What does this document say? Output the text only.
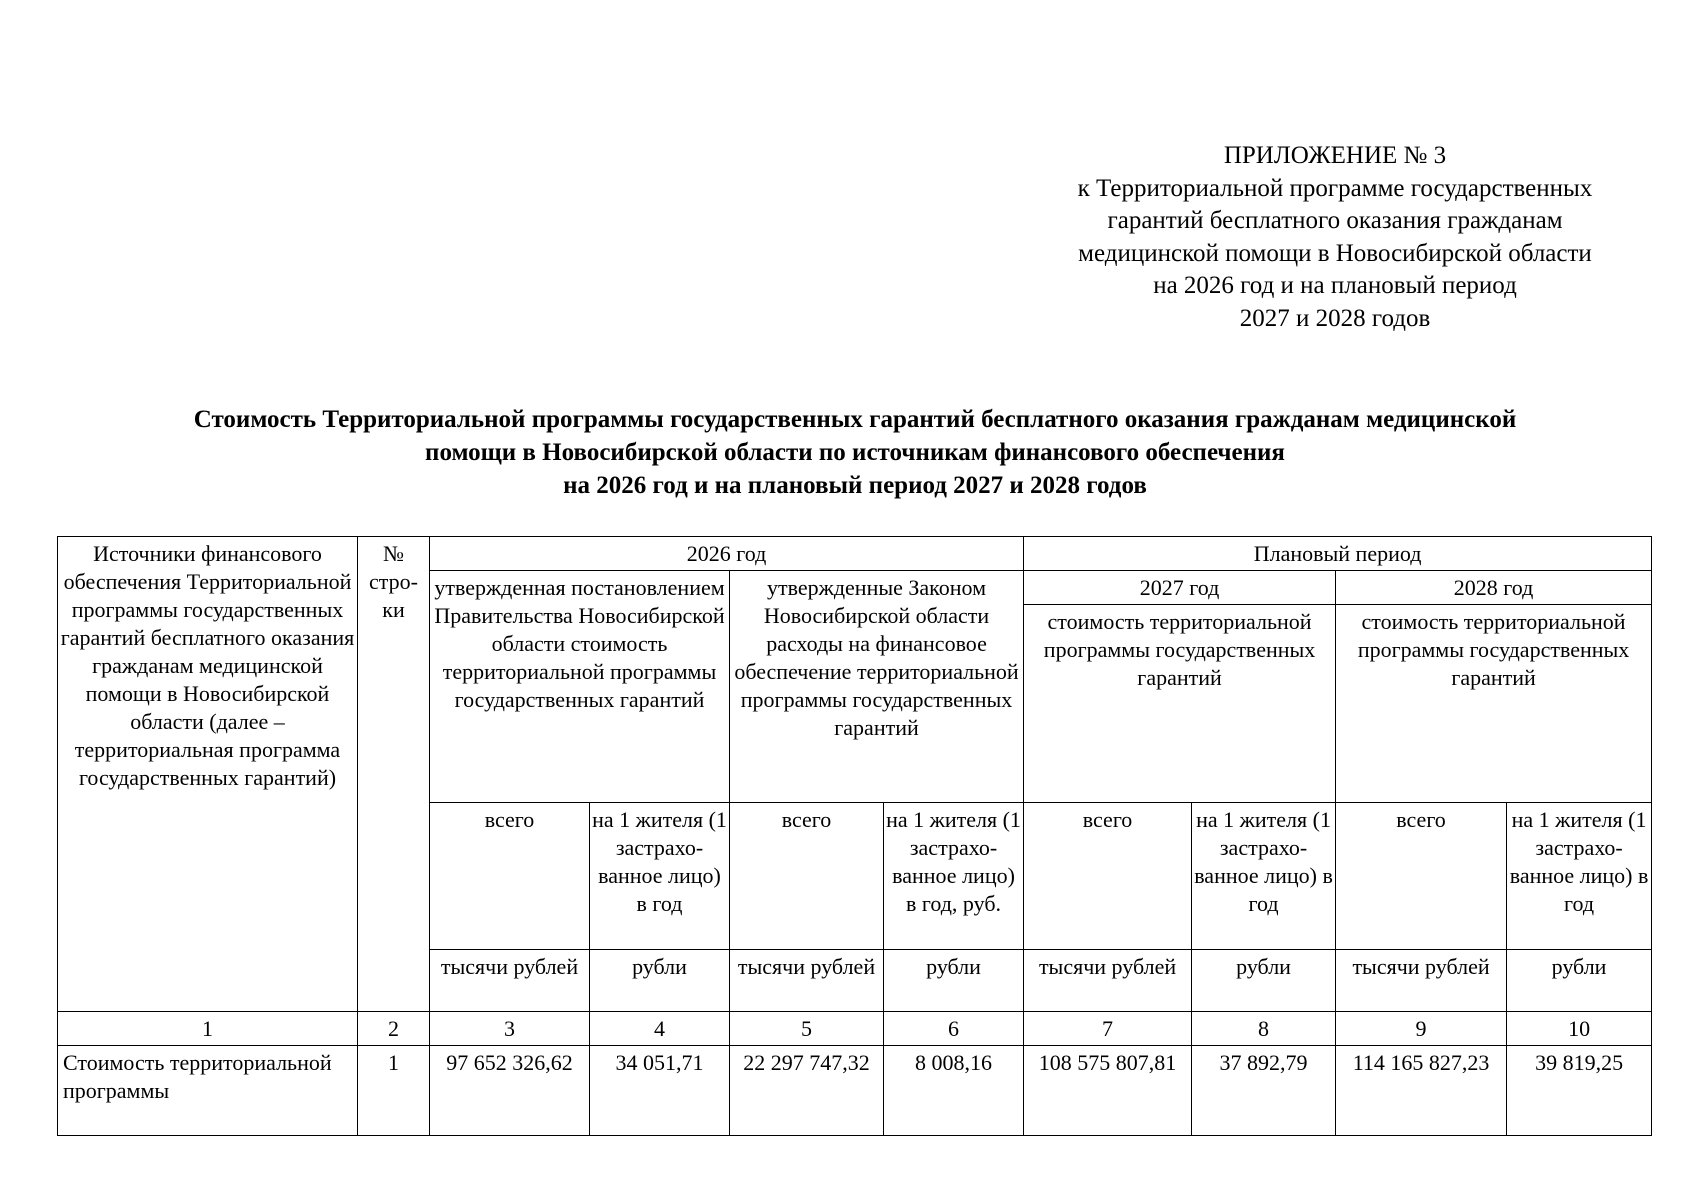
ПРИЛОЖЕНИЕ № 3
к Территориальной программе государственных
гарантий бесплатного оказания гражданам
медицинской помощи в Новосибирской области
на 2026 год и на плановый период
2027 и 2028 годов
Стоимость Территориальной программы государственных гарантий бесплатного оказания гражданам медицинской
помощи в Новосибирской области по источникам финансового обеспечения
на 2026 год и на плановый период 2027 и 2028 годов
Источники финансового обеспечения Территориальной программы государственных гарантий бесплатного оказания гражданам медицинской помощи в Новосибирской области (далее – территориальная программа государственных гарантий)	№ стро-ки	2026 год				Плановый период			
		утвержденная постановлением Правительства Новосибирской области стоимость территориальной программы государственных гарантий		утвержденные Законом Новосибирской области расходы на финансовое обеспечение территориальной программы государственных гарантий		2027 год		2028 год	
						стоимость территориальной программы государственных гарантий		стоимость территориальной программы государственных гарантий	
		всего	на 1 жителя (1 застрахо-ванное лицо) в год	всего	на 1 жителя (1 застрахо-ванное лицо) в год, руб.	всего	на 1 жителя (1 застрахо-ванное лицо) в год	всего	на 1 жителя (1 застрахо-ванное лицо) в год
		тысячи рублей	рубли	тысячи рублей	рубли	тысячи рублей	рубли	тысячи рублей	рубли
1	2	3	4	5	6	7	8	9	10
Стоимость территориальной программы	1	97 652 326,62	34 051,71	22 297 747,32	8 008,16	108 575 807,81	37 892,79	114 165 827,23	39 819,25
